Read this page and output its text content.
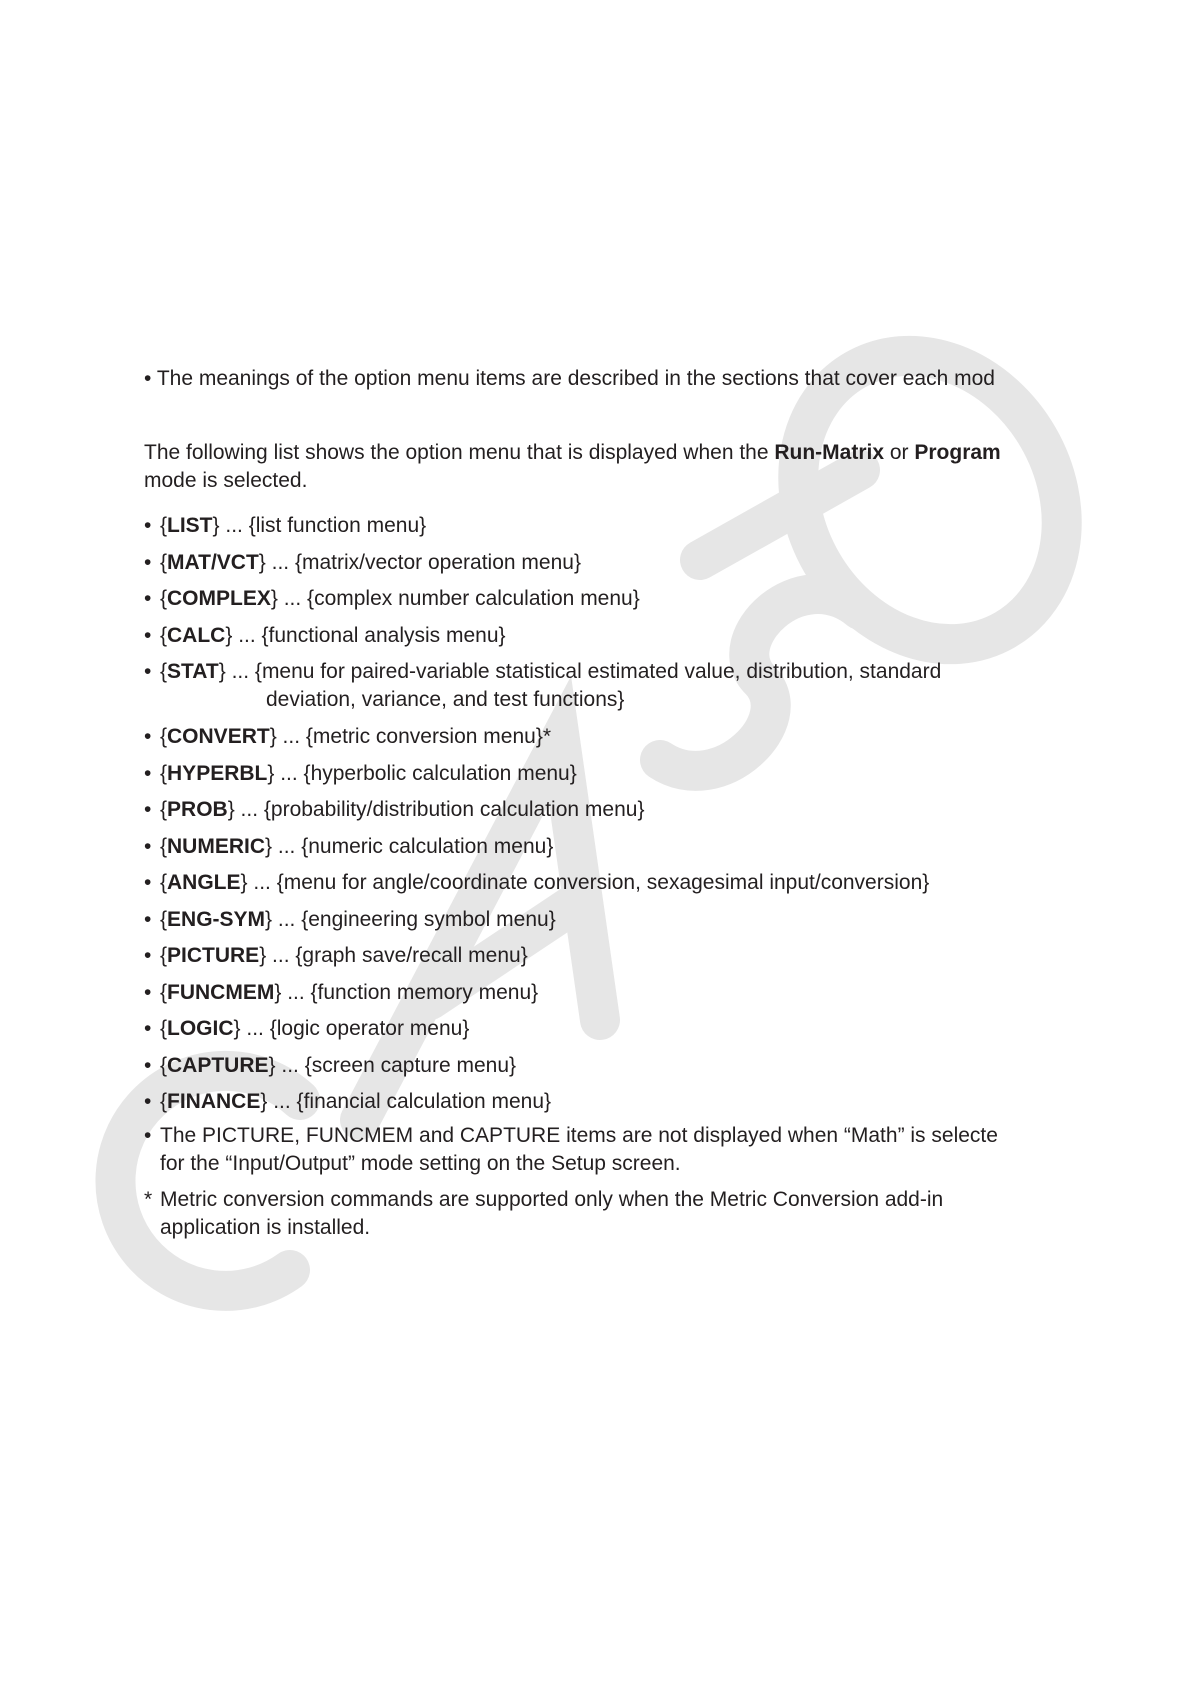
• The meanings of the option menu items are described in the sections that cover each mod
The following list shows the option menu that is displayed when the Run-Matrix or Program
mode is selected.
• {LIST} ... {list function menu}
• {MAT/VCT} ... {matrix/vector operation menu}
• {COMPLEX} ... {complex number calculation menu}
• {CALC} ... {functional analysis menu}
• {STAT} ... {menu for paired-variable statistical estimated value, distribution, standard
deviation, variance, and test functions}
• {CONVERT} ... {metric conversion menu}*
• {HYPERBL} ... {hyperbolic calculation menu}
• {PROB} ... {probability/distribution calculation menu}
• {NUMERIC} ... {numeric calculation menu}
• {ANGLE} ... {menu for angle/coordinate conversion, sexagesimal input/conversion}
• {ENG-SYM} ... {engineering symbol menu}
• {PICTURE} ... {graph save/recall menu}
• {FUNCMEM} ... {function memory menu}
• {LOGIC} ... {logic operator menu}
• {CAPTURE} ... {screen capture menu}
• {FINANCE} ... {financial calculation menu}
• The PICTURE, FUNCMEM and CAPTURE items are not displayed when “Math” is selecte
for the “Input/Output” mode setting on the Setup screen.
* Metric conversion commands are supported only when the Metric Conversion add-in
application is installed.
